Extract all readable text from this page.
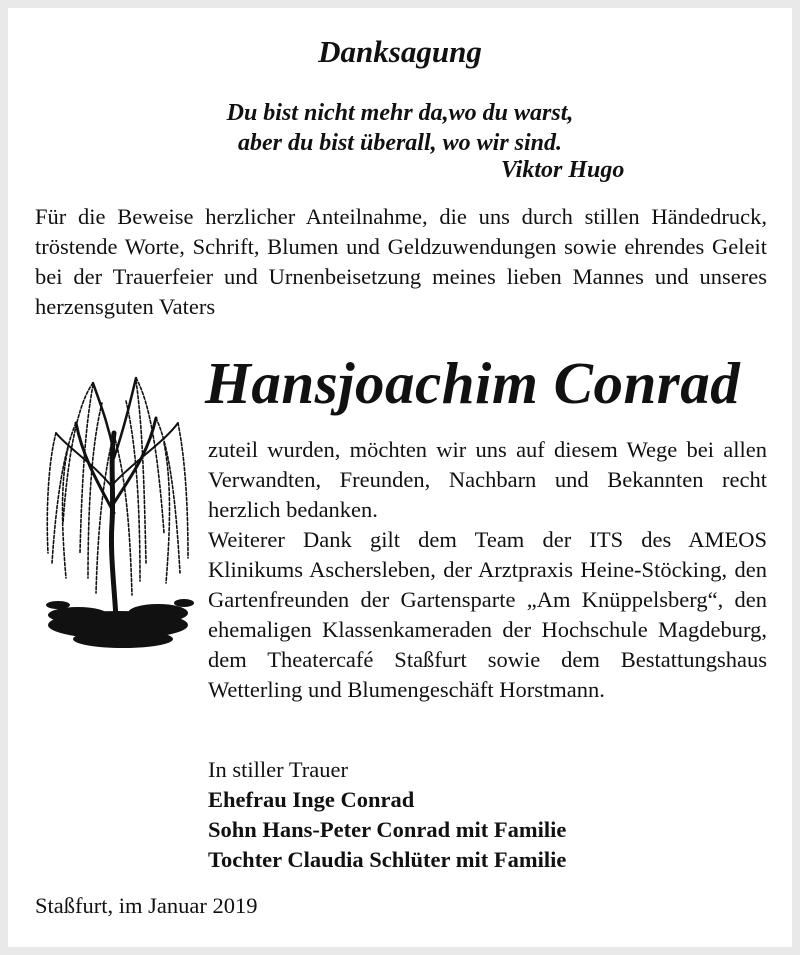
Danksagung
Du bist nicht mehr da,wo du warst,
aber du bist überall, wo wir sind.
Viktor Hugo
Für die Beweise herzlicher Anteilnahme, die uns durch stillen Händedruck, tröstende Worte, Schrift, Blumen und Geldzuwendungen sowie ehrendes Geleit bei der Trauerfeier und Urnenbeisetzung meines lieben Mannes und unseres herzensguten Vaters
Hansjoachim Conrad

zuteil wurden, möchten wir uns auf diesem Wege bei allen Verwandten, Freunden, Nachbarn und Bekannten recht herzlich bedanken.

Weiterer Dank gilt dem Team der ITS des AMEOS Klinikums Aschersleben, der Arztpraxis Heine-Stöcking, den Gartenfreunden der Gartensparte „Am Knüppelsberg“, den ehemaligen Klassenkameraden der Hochschule Magdeburg, dem Theatercafé Staßfurt sowie dem Bestattungshaus Wetterling und Blumengeschäft Horstmann.

In stiller Trauer
Ehefrau Inge Conrad
Sohn Hans-Peter Conrad mit Familie
Tochter Claudia Schlüter mit Familie
Staßfurt, im Januar 2019
